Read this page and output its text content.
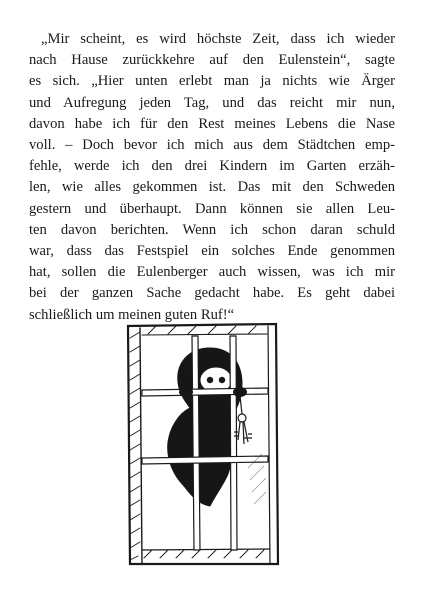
„Mir scheint, es wird höchste Zeit, dass ich wieder
nach Hause zurückkehre auf den Eulenstein“, sagte
es sich. „Hier unten erlebt man ja nichts wie Ärger
und Aufregung jeden Tag, und das reicht mir nun,
davon habe ich für den Rest meines Lebens die Nase
voll. – Doch bevor ich mich aus dem Städtchen emp-
fehle, werde ich den drei Kindern im Garten erzäh-
len, wie alles gekommen ist. Das mit den Schweden
gestern und überhaupt. Dann können sie allen Leu-
ten davon berichten. Wenn ich schon daran schuld
war, dass das Festspiel ein solches Ende genommen
hat, sollen die Eulenberger auch wissen, was ich mir
bei der ganzen Sache gedacht habe. Es geht dabei
schließlich um meinen guten Ruf!“
